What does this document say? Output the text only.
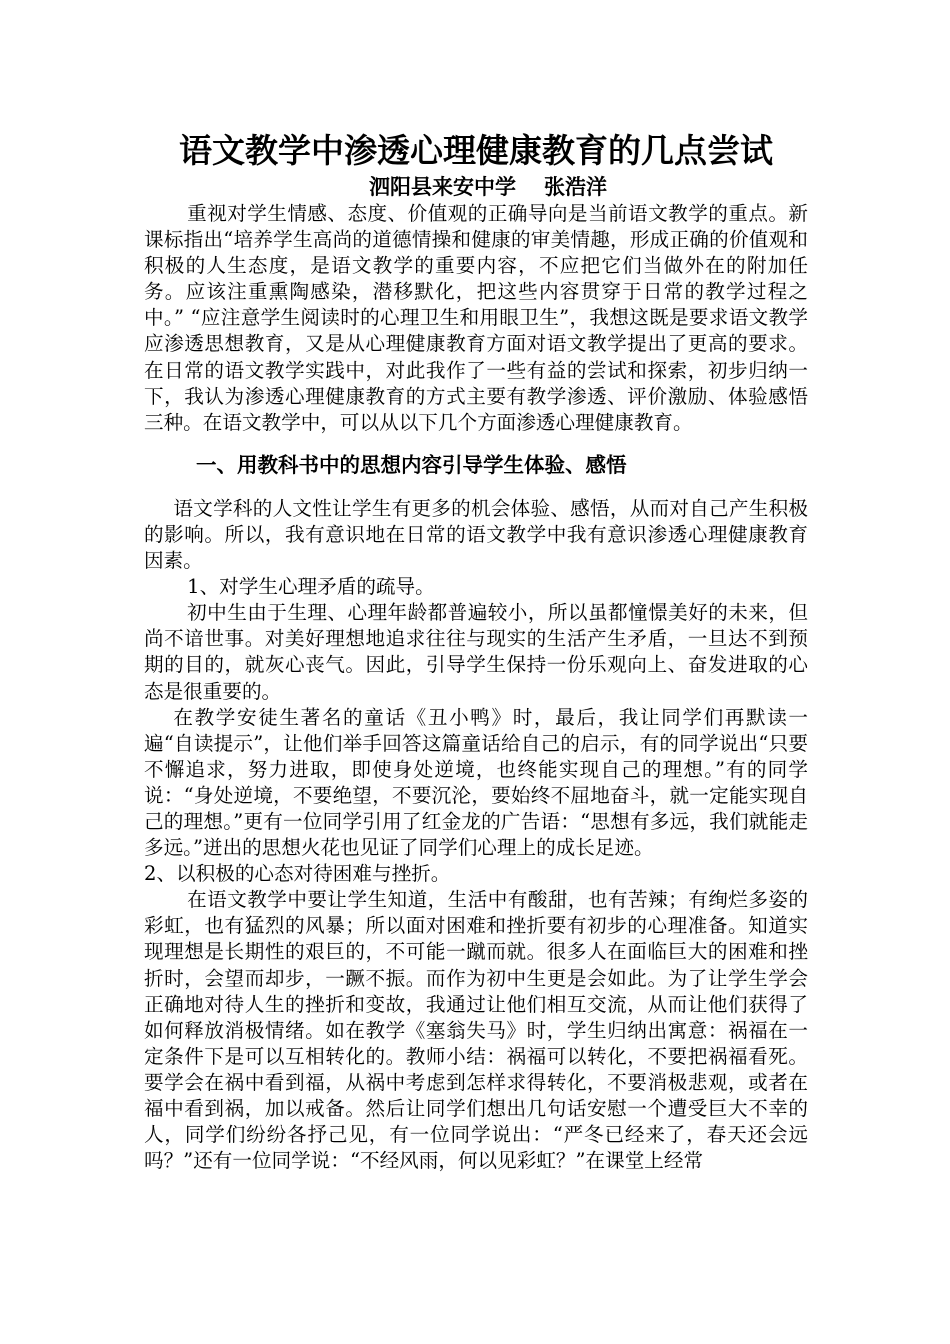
语文教学中渗透心理健康教育的几点尝试

泗阳县来安中学 张浩洋

重视对学生情感、态度、价值观的正确导向是当前语文教学的重点。新课标指出“培养学生高尚的道德情操和健康的审美情趣，形成正确的价值观和积极的人生态度，是语文教学的重要内容，不应把它们当做外在的附加任务。应该注重熏陶感染，潜移默化，把这些内容贯穿于日常的教学过程之中。” “应注意学生阅读时的心理卫生和用眼卫生”，我想这既是要求语文教学应渗透思想教育，又是从心理健康教育方面对语文教学提出了更高的要求。在日常的语文教学实践中，对此我作了一些有益的尝试和探索，初步归纳一下，我认为渗透心理健康教育的方式主要有教学渗透、评价激励、体验感悟三种。在语文教学中，可以从以下几个方面渗透心理健康教育。

一、用教科书中的思想内容引导学生体验、感悟

语文学科的人文性让学生有更多的机会体验、感悟，从而对自己产生积极的影响。所以，我有意识地在日常的语文教学中我有意识渗透心理健康教育因素。

1、对学生心理矛盾的疏导。

初中生由于生理、心理年龄都普遍较小，所以虽都憧憬美好的未来，但尚不谙世事。对美好理想地追求往往与现实的生活产生矛盾，一旦达不到预期的目的，就灰心丧气。因此，引导学生保持一份乐观向上、奋发进取的心态是很重要的。

在教学安徒生著名的童话《丑小鸭》时，最后，我让同学们再默读一遍“自读提示”，让他们举手回答这篇童话给自己的启示，有的同学说出“只要不懈追求，努力进取，即使身处逆境，也终能实现自己的理想。”有的同学说：“身处逆境，不要绝望，不要沉沦，要始终不屈地奋斗，就一定能实现自己的理想。”更有一位同学引用了红金龙的广告语：“思想有多远，我们就能走多远。”迸出的思想火花也见证了同学们心理上的成长足迹。

2、以积极的心态对待困难与挫折。

在语文教学中要让学生知道，生活中有酸甜，也有苦辣；有绚烂多姿的彩虹，也有猛烈的风暴；所以面对困难和挫折要有初步的心理准备。知道实现理想是长期性的艰巨的，不可能一蹴而就。很多人在面临巨大的困难和挫折时，会望而却步，一蹶不振。而作为初中生更是会如此。为了让学生学会正确地对待人生的挫折和变故，我通过让他们相互交流，从而让他们获得了如何释放消极情绪。如在教学《塞翁失马》时，学生归纳出寓意：祸福在一定条件下是可以互相转化的。教师小结：祸福可以转化，不要把祸福看死。要学会在祸中看到福，从祸中考虑到怎样求得转化，不要消极悲观，或者在福中看到祸，加以戒备。然后让同学们想出几句话安慰一个遭受巨大不幸的人，同学们纷纷各抒己见，有一位同学说出：“严冬已经来了，春天还会远吗？”还有一位同学说：“不经风雨，何以见彩虹？”在课堂上经常
